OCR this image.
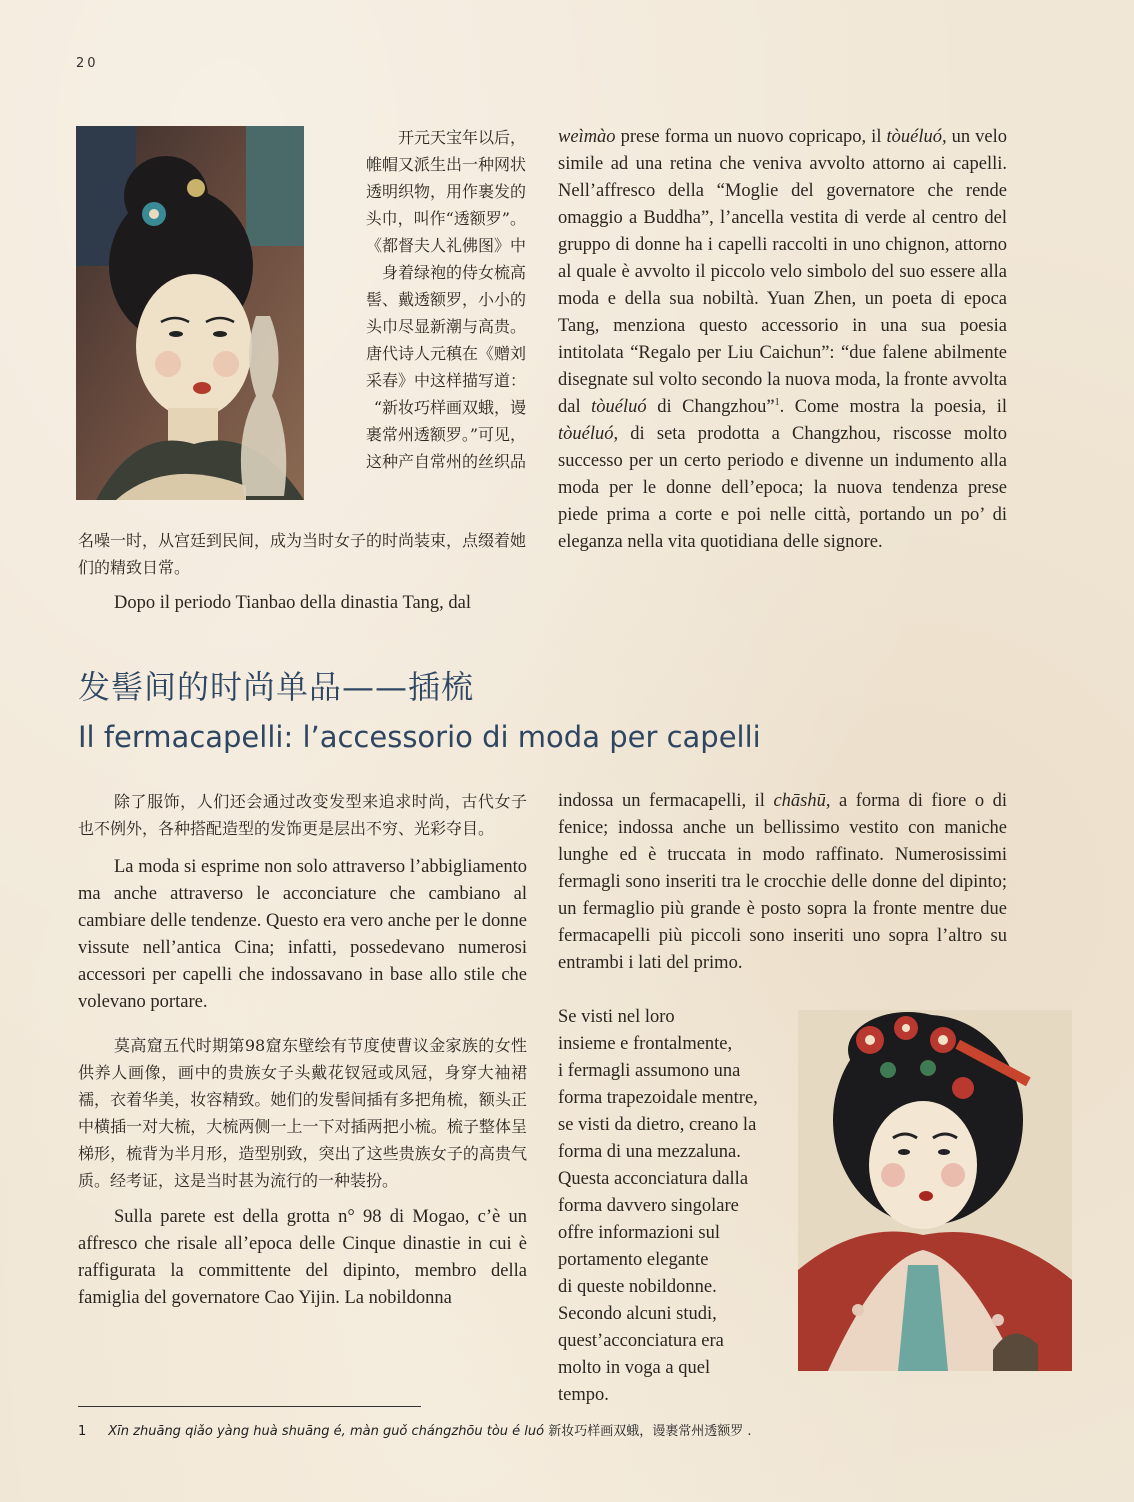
20
开元天宝年以后，
帷帽又派生出一种网状
透明织物，用作裹发的
头巾，叫作“透额罗”。
《都督夫人礼佛图》中
身着绿袍的侍女梳高
髻、戴透额罗，小小的
头巾尽显新潮与高贵。
唐代诗人元稹在《赠刘
采春》中这样描写道：
“新妆巧样画双蛾，谩
裹常州透额罗。”可见，
这种产自常州的丝织品
名噪一时，从宫廷到民间，成为当时女子的时尚装束，点缀着她们的精致日常。
Dopo il periodo Tianbao della dinastia Tang, dal

weìmào prese forma un nuovo copricapo, il tòuéluó, un velo simile ad una retina che veniva avvolto attorno ai capelli. Nell’affresco della “Moglie del governatore che rende omaggio a Buddha”, l’ancella vestita di verde al centro del gruppo di donne ha i capelli raccolti in uno chignon, attorno al quale è avvolto il piccolo velo simbolo del suo essere alla moda e della sua nobiltà. Yuan Zhen, un poeta di epoca Tang, menziona questo accessorio in una sua poesia intitolata “Regalo per Liu Caichun”: “due falene abilmente disegnate sul volto secondo la nuova moda, la fronte avvolta dal tòuéluó di Changzhou”$^1$. Come mostra la poesia, il tòuéluó, di seta prodotta a Changzhou, riscosse molto successo per un certo periodo e divenne un indumento alla moda per le donne dell’epoca; la nuova tendenza prese piede prima a corte e poi nelle città, portando un po’ di eleganza nella vita quotidiana delle signore.

发髻间的时尚单品——插梳
Il fermacapelli: l’accessorio di moda per capelli

除了服饰，人们还会通过改变发型来追求时尚，古代女子也不例外，各种搭配造型的发饰更是层出不穷、光彩夺目。

La moda si esprime non solo attraverso l’abbigliamento ma anche attraverso le acconciature che cambiano al cambiare delle tendenze. Questo era vero anche per le donne vissute nell’antica Cina; infatti, possedevano numerosi accessori per capelli che indossavano in base allo stile che volevano portare.

莫高窟五代时期第98窟东壁绘有节度使曹议金家族的女性供养人画像，画中的贵族女子头戴花钗冠或凤冠，身穿大袖裙襦，衣着华美，妆容精致。她们的发髻间插有多把角梳，额头正中横插一对大梳，大梳两侧一上一下对插两把小梳。梳子整体呈梯形，梳背为半月形，造型别致，突出了这些贵族女子的高贵气质。经考证，这是当时甚为流行的一种装扮。

Sulla parete est della grotta n° 98 di Mogao, c’è un affresco che risale all’epoca delle Cinque dinastie in cui è raffigurata la committente del dipinto, membro della famiglia del governatore Cao Yijin. La nobildonna

indossa un fermacapelli, il chāshū, a forma di fiore o di fenice; indossa anche un bellissimo vestito con maniche lunghe ed è truccata in modo raffinato. Numerosissimi fermagli sono inseriti tra le crocchie delle donne del dipinto; un fermaglio più grande è posto sopra la fronte mentre due fermacapelli più piccoli sono inseriti uno sopra l’altro su entrambi i lati del primo.

Se visti nel loro
insieme e frontalmente,
i fermagli assumono una
forma trapezoidale mentre,
se visti da dietro, creano la
forma di una mezzaluna.
Questa acconciatura dalla
forma davvero singolare
offre informazioni sul
portamento elegante
di queste nobildonne.
Secondo alcuni studi,
quest’acconciatura era
molto in voga a quel
tempo.
1 Xīn zhuāng qiǎo yàng huà shuāng é, màn guǒ chángzhōu tòu é luó 新妆巧样画双蛾，谩裹常州透额罗 .
